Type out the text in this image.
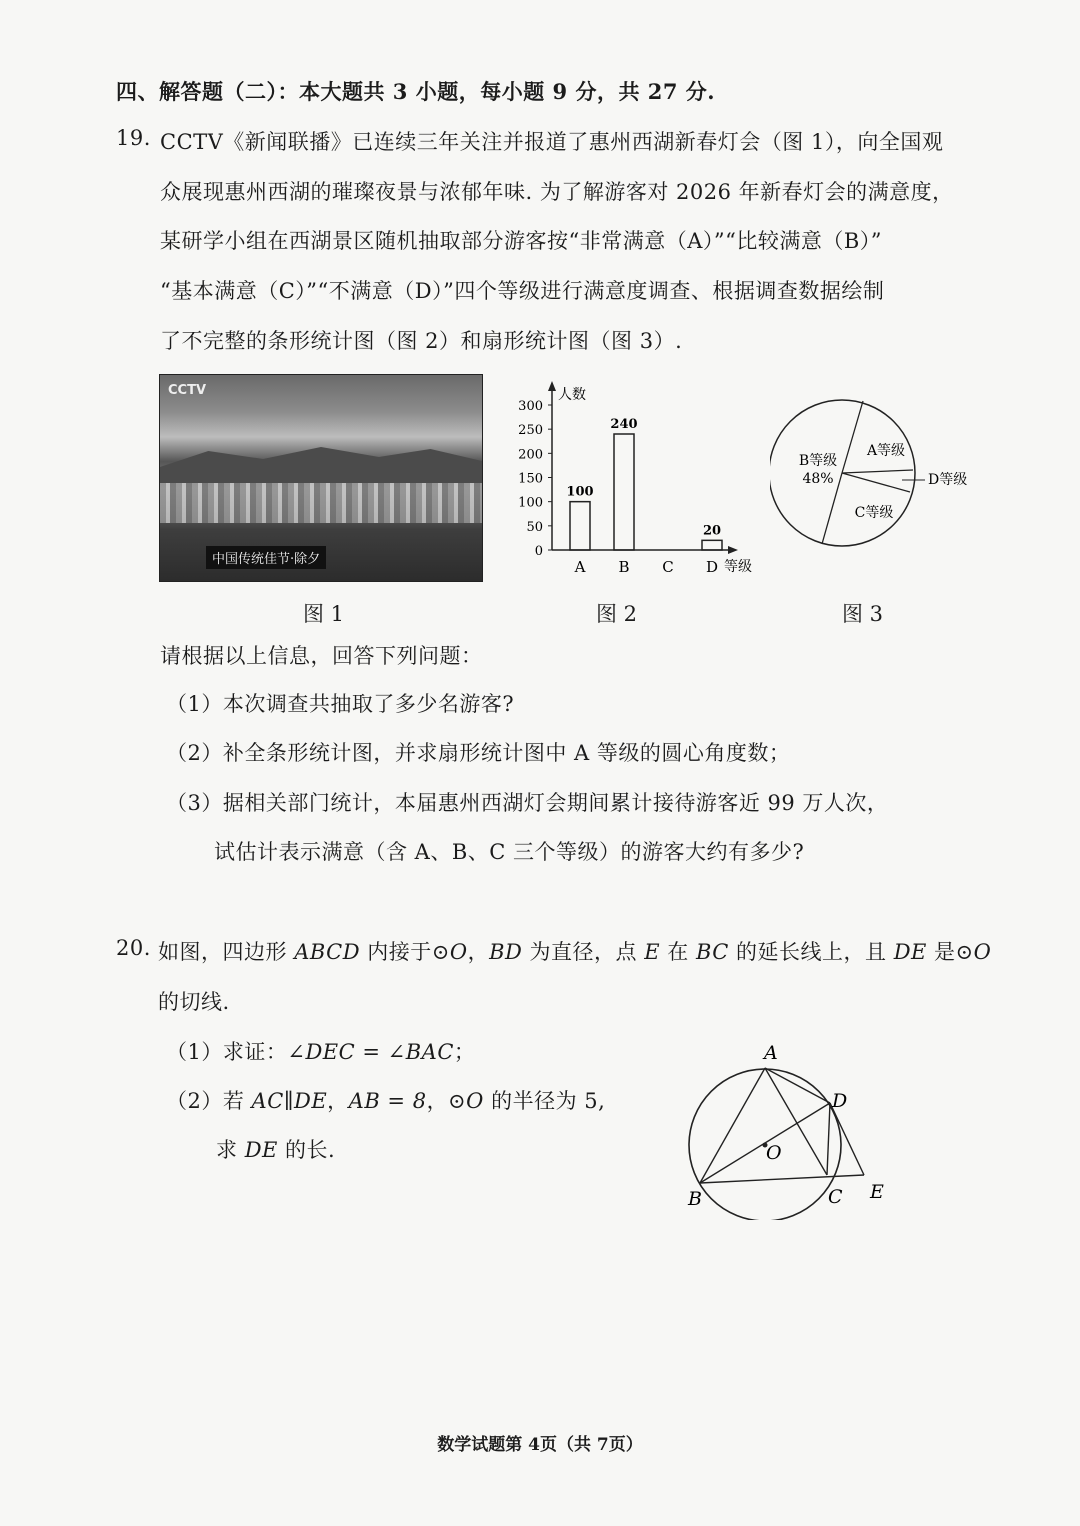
四、解答题（二）：本大题共 3 小题，每小题 9 分，共 27 分.
19. CCTV《新闻联播》已连续三年关注并报道了惠州西湖新春灯会（图 1），向全国观
众展现惠州西湖的璀璨夜景与浓郁年味. 为了解游客对 2026 年新春灯会的满意度，
某研学小组在西湖景区随机抽取部分游客按“非常满意（A）”“比较满意（B）”
“基本满意（C）”“不满意（D）”四个等级进行满意度调查、根据调查数据绘制
了不完整的条形统计图（图 2）和扇形统计图（图 3）.
CCTV
中国传统佳节·除夕
人数
等级
0
50
100
150
200
250
300
A
100
B
240
C D
20
B等级
48%
A等级
D等级
C等级
图 1	图 2	图 3
请根据以上信息，回答下列问题：
（1）本次调查共抽取了多少名游客?
（2）补全条形统计图，并求扇形统计图中 A 等级的圆心角度数；
（3）据相关部门统计，本届惠州西湖灯会期间累计接待游客近 99 万人次，
试估计表示满意（含 A、B、C 三个等级）的游客大约有多少?
20. 如图，四边形 ABCD 内接于⊙O，BD 为直径，点 E 在 BC 的延长线上，且 DE 是⊙O
的切线.
（1）求证：∠DEC = ∠BAC；
（2）若 AC∥DE，AB = 8，⊙O 的半径为 5,
求 DE 的长.
A
B	C
D
E
O
数学试题第 4页（共 7页）
